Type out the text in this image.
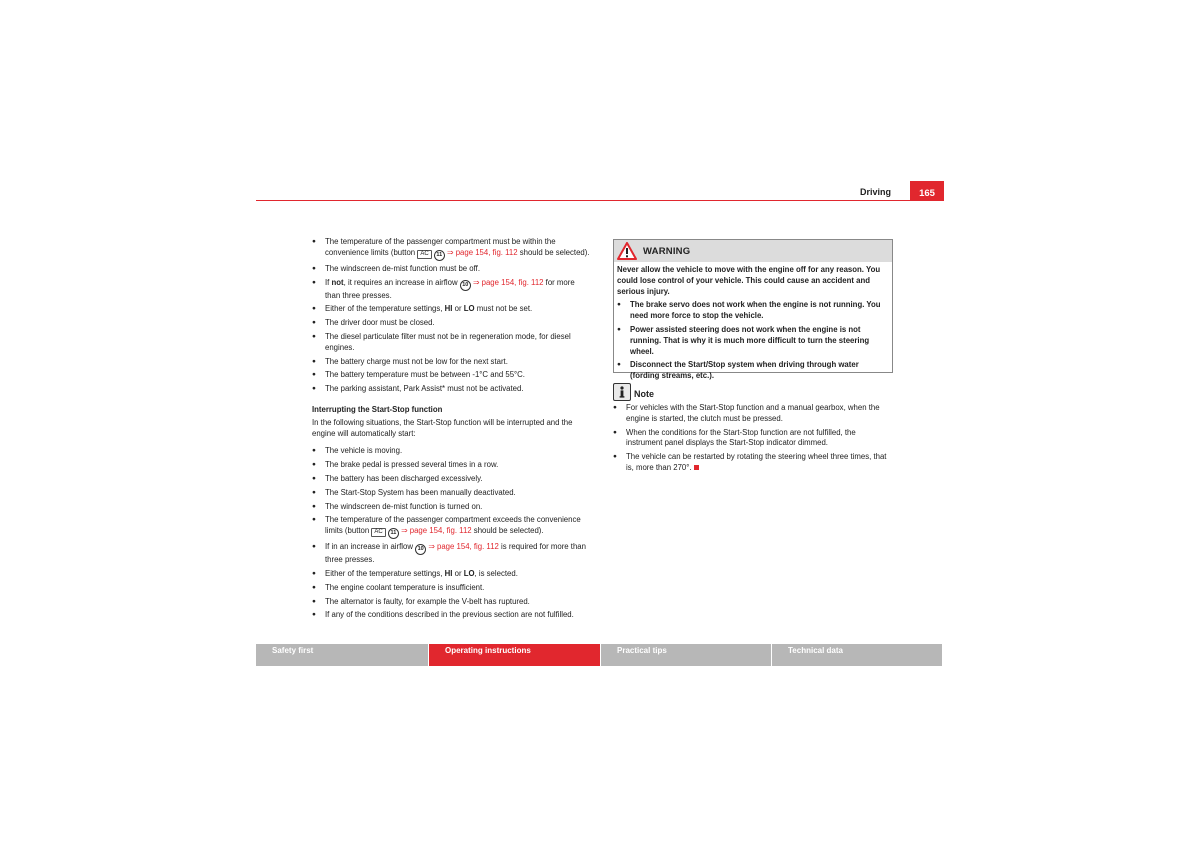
Driving	165
● The temperature of the passenger compartment must be within the convenience limits (button AC 11 ⇒ page 154, fig. 112 should be selected).
● The windscreen de-mist function must be off.
● If not, it requires an increase in airflow 10 ⇒ page 154, fig. 112 for more than three presses.
● Either of the temperature settings, HI or LO must not be set.
● The driver door must be closed.
● The diesel particulate filter must not be in regeneration mode, for diesel engines.
● The battery charge must not be low for the next start.
● The battery temperature must be between -1°C and 55°C.
● The parking assistant, Park Assist* must not be activated.
Interrupting the Start-Stop function
In the following situations, the Start-Stop function will be interrupted and the engine will automatically start:
● The vehicle is moving.
● The brake pedal is pressed several times in a row.
● The battery has been discharged excessively.
● The Start-Stop System has been manually deactivated.
● The windscreen de-mist function is turned on.
● The temperature of the passenger compartment exceeds the convenience limits (button AC 11 ⇒ page 154, fig. 112 should be selected).
● If in an increase in airflow 10 ⇒ page 154, fig. 112 is required for more than three presses.
● Either of the temperature settings, HI or LO, is selected.
● The engine coolant temperature is insufficient.
● The alternator is faulty, for example the V-belt has ruptured.
● If any of the conditions described in the previous section are not fulfilled.
WARNING
Never allow the vehicle to move with the engine off for any reason. You could lose control of your vehicle. This could cause an accident and serious injury.
● The brake servo does not work when the engine is not running. You need more force to stop the vehicle.
● Power assisted steering does not work when the engine is not running. That is why it is much more difficult to turn the steering wheel.
● Disconnect the Start/Stop system when driving through water (fording streams, etc.).
Note
● For vehicles with the Start-Stop function and a manual gearbox, when the engine is started, the clutch must be pressed.
● When the conditions for the Start-Stop function are not fulfilled, the instrument panel displays the Start-Stop indicator dimmed.
● The vehicle can be restarted by rotating the steering wheel three times, that is, more than 270°.
Safety first	Operating instructions	Practical tips	Technical data
